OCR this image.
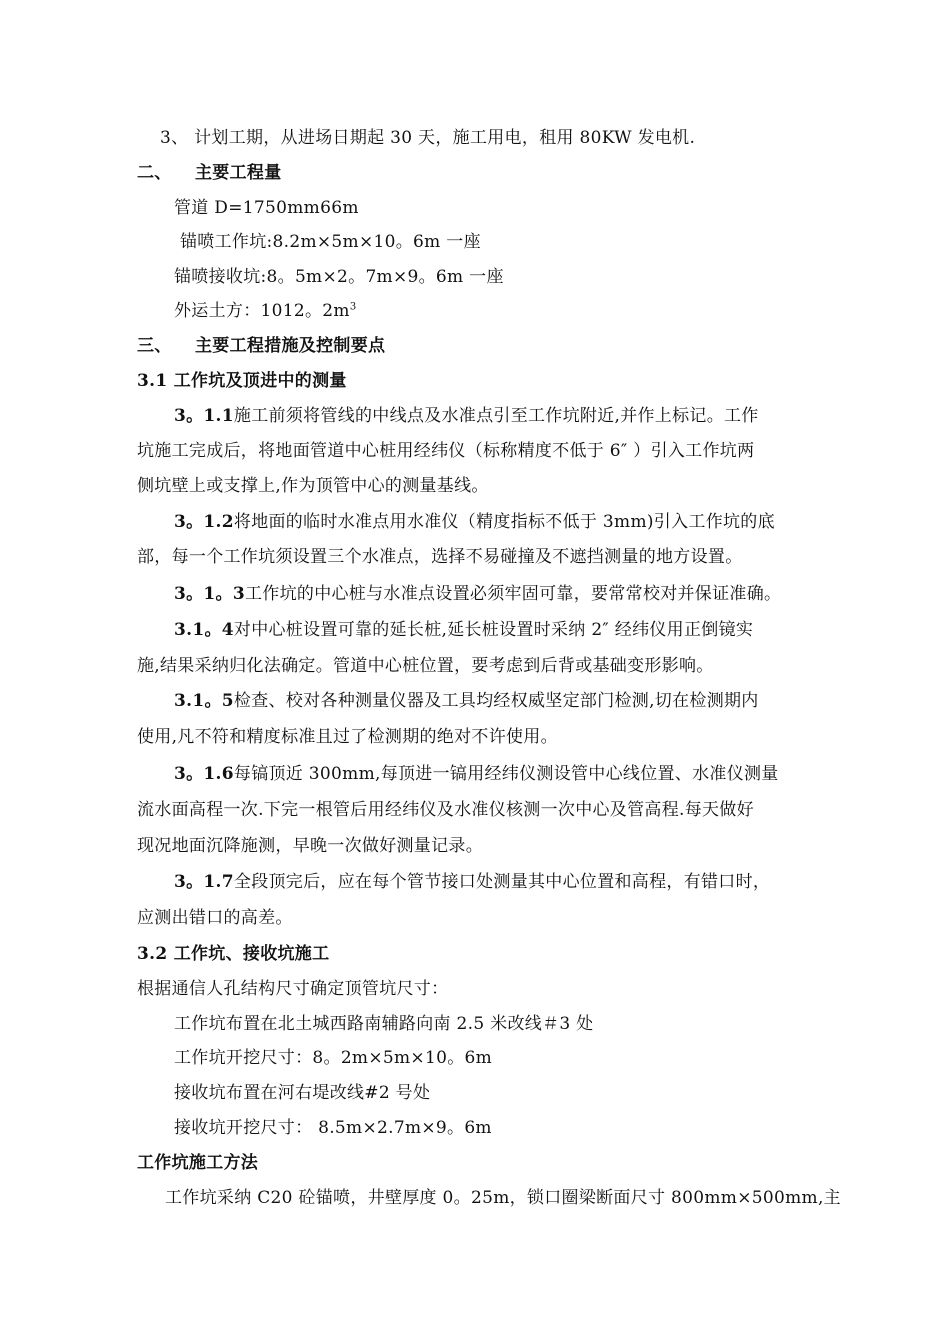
3、 计划工期，从进场日期起 30 天，施工用电，租用 80KW 发电机.
二、 主要工程量
管道 D=1750mm66m
锚喷工作坑:8.2m×5m×10。6m 一座
锚喷接收坑:8。5m×2。7m×9。6m 一座
外运土方：1012。$2m^3$
三、 主要工程措施及控制要点
3.1 工作坑及顶进中的测量
3。1.1施工前须将管线的中线点及水准点引至工作坑附近,并作上标记。工作
坑施工完成后，将地面管道中心桩用经纬仪（标称精度不低于 6″ ）引入工作坑两
侧坑壁上或支撑上,作为顶管中心的测量基线。
3。1.2将地面的临时水准点用水准仪（精度指标不低于 3mm)引入工作坑的底
部，每一个工作坑须设置三个水准点，选择不易碰撞及不遮挡测量的地方设置。
3。1。3工作坑的中心桩与水准点设置必须牢固可靠，要常常校对并保证准确。
3.1。4对中心桩设置可靠的延长桩,延长桩设置时采纳 2″ 经纬仪用正倒镜实
施,结果采纳归化法确定。管道中心桩位置，要考虑到后背或基础变形影响。
3.1。5检查、校对各种测量仪器及工具均经权威坚定部门检测,切在检测期内
使用,凡不符和精度标准且过了检测期的绝对不许使用。
3。1.6每镐顶近 300mm,每顶进一镐用经纬仪测设管中心线位置、水准仪测量
流水面高程一次.下完一根管后用经纬仪及水准仪核测一次中心及管高程.每天做好
现况地面沉降施测，早晚一次做好测量记录。
3。1.7全段顶完后，应在每个管节接口处测量其中心位置和高程，有错口时，
应测出错口的高差。
3.2 工作坑、接收坑施工
根据通信人孔结构尺寸确定顶管坑尺寸：
工作坑布置在北土城西路南辅路向南 2.5 米改线＃3 处
工作坑开挖尺寸：8。2m×5m×10。6m
接收坑布置在河右堤改线#2 号处
接收坑开挖尺寸： 8.5m×2.7m×9。6m
工作坑施工方法
工作坑采纳 C20 砼锚喷，井壁厚度 0。25m，锁口圈梁断面尺寸 800mm×500mm,主
